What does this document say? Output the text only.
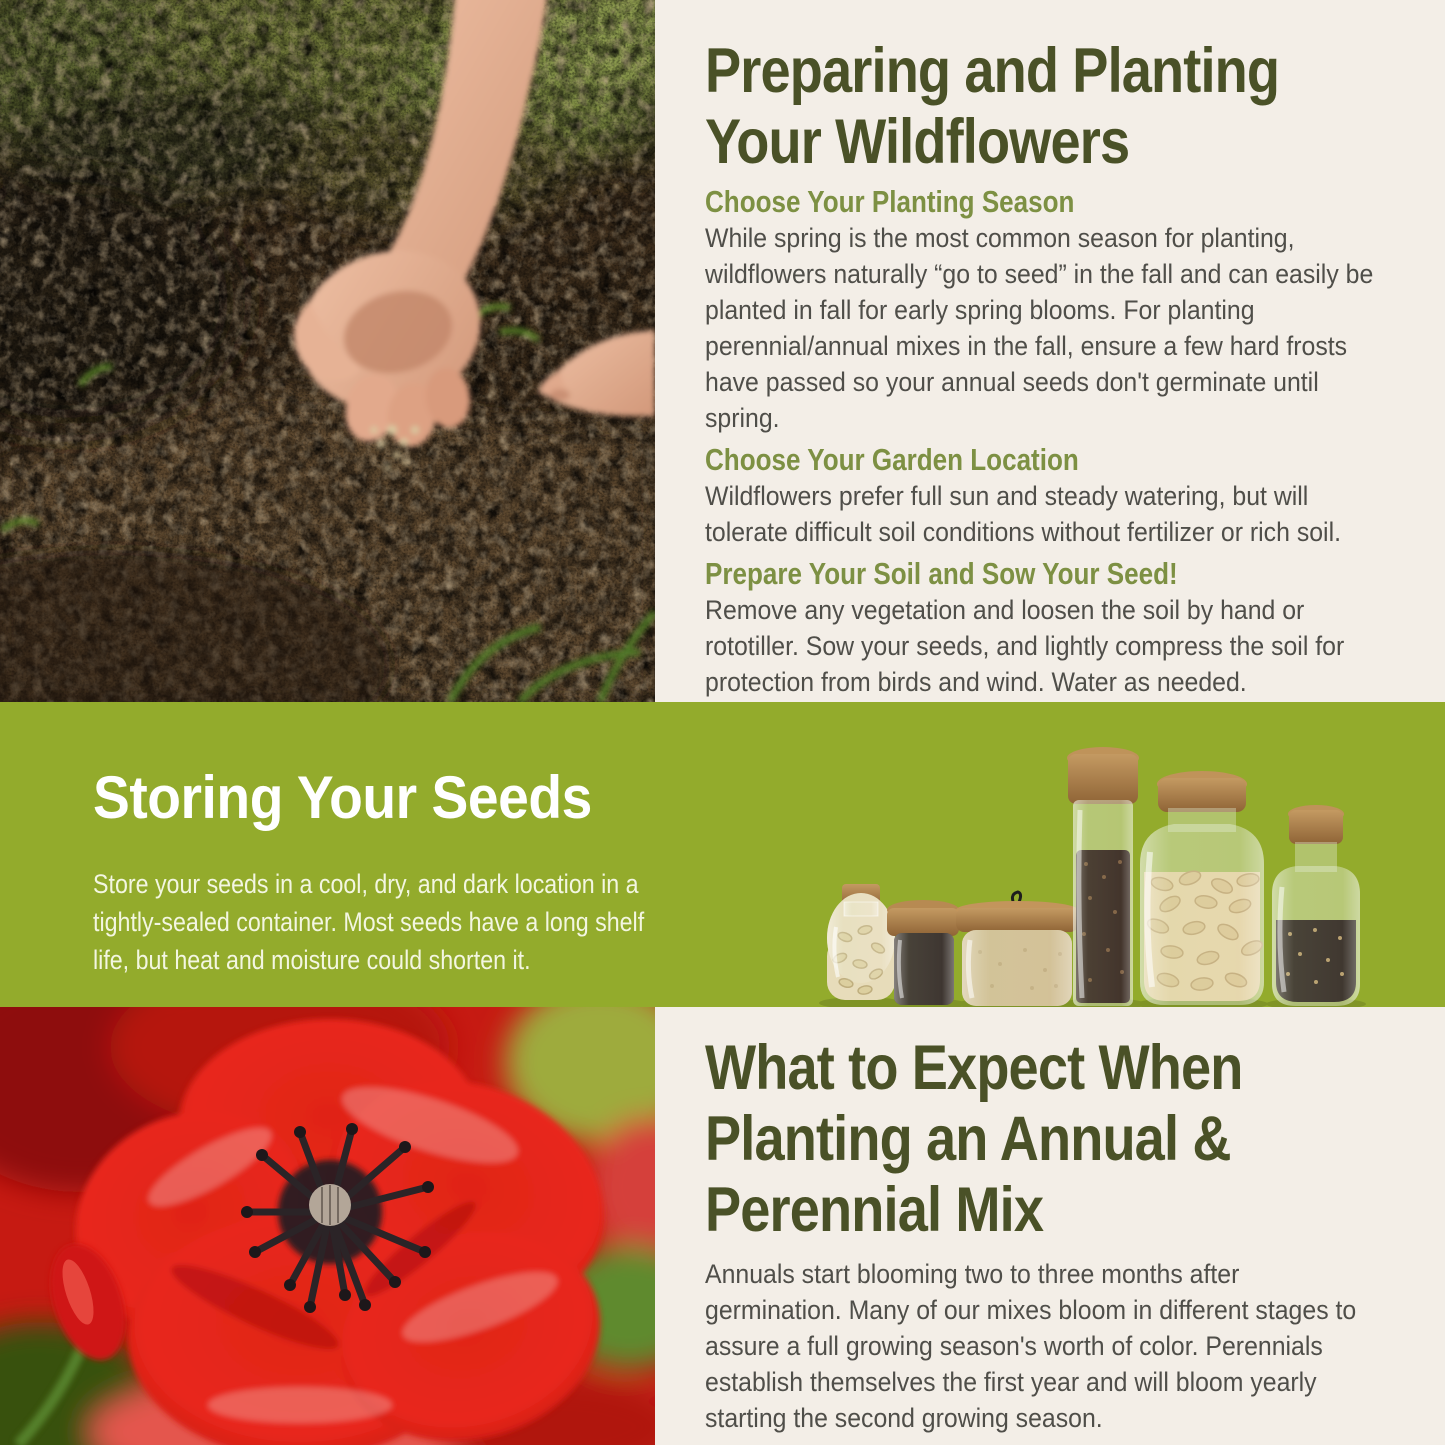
Preparing and Planting
Your Wildflowers
Choose Your Planting Season
While spring is the most common season for planting,
wildflowers naturally “go to seed” in the fall and can easily be
planted in fall for early spring blooms. For planting
perennial/annual mixes in the fall, ensure a few hard frosts
have passed so your annual seeds don't germinate until
spring.
Choose Your Garden Location
Wildflowers prefer full sun and steady watering, but will
tolerate difficult soil conditions without fertilizer or rich soil.
Prepare Your Soil and Sow Your Seed!
Remove any vegetation and loosen the soil by hand or
rototiller. Sow your seeds, and lightly compress the soil for
protection from birds and wind. Water as needed.
Storing Your Seeds
Store your seeds in a cool, dry, and dark location in a
tightly-sealed container. Most seeds have a long shelf
life, but heat and moisture could shorten it.
What to Expect When
Planting an Annual &
Perennial Mix
Annuals start blooming two to three months after
germination. Many of our mixes bloom in different stages to
assure a full growing season's worth of color. Perennials
establish themselves the first year and will bloom yearly
starting the second growing season.
